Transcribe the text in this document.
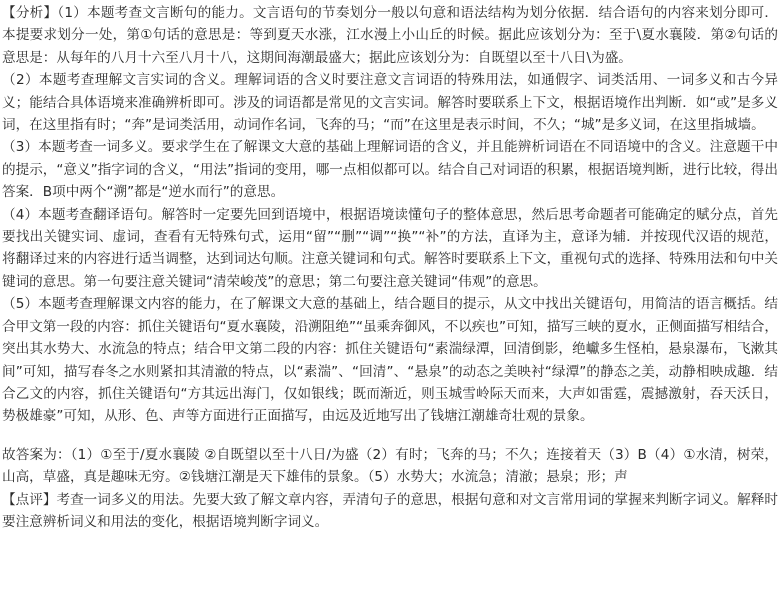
【分析】（1）本题考查文言断句的能力。文言语句的节奏划分一般以句意和语法结构为划分依据．结合语句的内容来划分即可．本提要求划分一处，第①句话的意思是：等到夏天水涨，江水漫上小山丘的时候。据此应该划分为：至于\夏水襄陵．第②句话的意思是：从每年的八月十六至八月十八，这期间海潮最盛大；据此应该划分为：自既望以至十八日\为盛。

（2）本题考查理解文言实词的含义。理解词语的含义时要注意文言词语的特殊用法，如通假字、词类活用、一词多义和古今异义；能结合具体语境来准确辨析即可。涉及的词语都是常见的文言实词。解答时要联系上下文，根据语境作出判断．如“或”是多义词，在这里指有时；“奔”是词类活用，动词作名词，飞奔的马；“而”在这里是表示时间，不久；“城”是多义词，在这里指城墙。

（3）本题考查一词多义。要求学生在了解课文大意的基础上理解词语的含义，并且能辨析词语在不同语境中的含义。注意题干中的提示，“意义”指字词的含义，“用法”指词的变用，哪一点相似都可以。结合自己对词语的积累，根据语境判断，进行比较，得出答案．B项中两个“溯”都是“逆水而行”的意思。

（4）本题考查翻译语句。解答时一定要先回到语境中，根据语境读懂句子的整体意思，然后思考命题者可能确定的赋分点，首先要找出关键实词、虚词，查看有无特殊句式，运用“留”“删”“调”“换”“补”的方法，直译为主，意译为辅．并按现代汉语的规范，将翻译过来的内容进行适当调整，达到词达句顺。注意关键词和句式。解答时要联系上下文，重视句式的选择、特殊用法和句中关键词的意思。第一句要注意关键词“清荣峻茂”的意思；第二句要注意关键词“伟观”的意思。

（5）本题考查理解课文内容的能力，在了解课文大意的基础上，结合题目的提示，从文中找出关键语句，用简洁的语言概括。结合甲文第一段的内容：抓住关键语句“夏水襄陵，沿溯阻绝”“虽乘奔御风，不以疾也”可知，描写三峡的夏水，正侧面描写相结合，突出其水势大、水流急的特点；结合甲文第二段的内容：抓住关键语句“素湍绿潭，回清倒影，绝巘多生怪柏，悬泉瀑布，飞漱其间”可知，描写春冬之水则紧扣其清澈的特点，以“素湍”、“回清”、“悬泉”的动态之美映衬“绿潭”的静态之美，动静相映成趣．结合乙文的内容，抓住关键语句“方其远出海门，仅如银线；既而渐近，则玉城雪岭际天而来，大声如雷霆，震撼激射，吞天沃日，势极雄豪”可知，从形、色、声等方面进行正面描写，由远及近地写出了钱塘江潮雄奇壮观的景象。

故答案为：（1）①至于/夏水襄陵 ②自既望以至十八日/为盛（2）有时；飞奔的马；不久；连接着天（3）B（4）①水清，树荣，山高，草盛，真是趣味无穷。②钱塘江潮是天下雄伟的景象。（5）水势大；水流急；清澈；悬泉；形；声

【点评】考查一词多义的用法。先要大致了解文章内容，弄清句子的意思，根据句意和对文言常用词的掌握来判断字词义。解释时要注意辨析词义和用法的变化，根据语境判断字词义。
